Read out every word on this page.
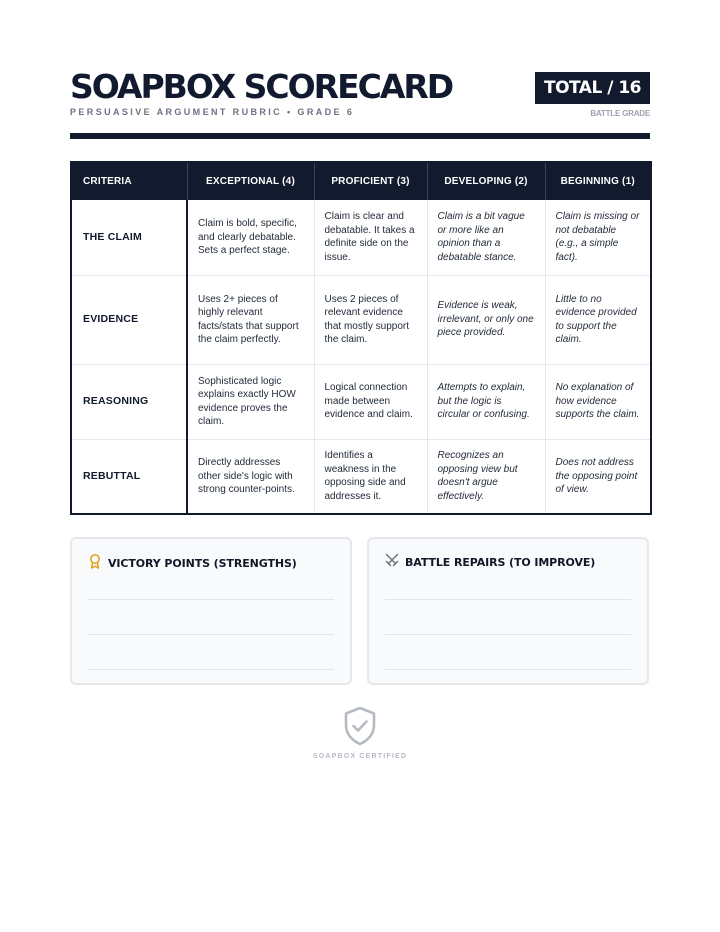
SOAPBOX SCORECARD
PERSUASIVE ARGUMENT RUBRIC • GRADE 6
TOTAL / 16
BATTLE GRADE
CRITERIA	EXCEPTIONAL (4)	PROFICIENT (3)	DEVELOPING (2)	BEGINNING (1)
THE CLAIM	Claim is bold, specific, and clearly debatable. Sets a perfect stage.	Claim is clear and debatable. It takes a definite side on the issue.	Claim is a bit vague or more like an opinion than a debatable stance.	Claim is missing or not debatable (e.g., a simple fact).
EVIDENCE	Uses 2+ pieces of highly relevant facts/stats that support the claim perfectly.	Uses 2 pieces of relevant evidence that mostly support the claim.	Evidence is weak, irrelevant, or only one piece provided.	Little to no evidence provided to support the claim.
REASONING	Sophisticated logic explains exactly HOW evidence proves the claim.	Logical connection made between evidence and claim.	Attempts to explain, but the logic is circular or confusing.	No explanation of how evidence supports the claim.
REBUTTAL	Directly addresses other side's logic with strong counter-points.	Identifies a weakness in the opposing side and addresses it.	Recognizes an opposing view but doesn't argue effectively.	Does not address the opposing point of view.
VICTORY POINTS (STRENGTHS)	BATTLE REPAIRS (TO IMPROVE)
SOAPBOX CERTIFIED
